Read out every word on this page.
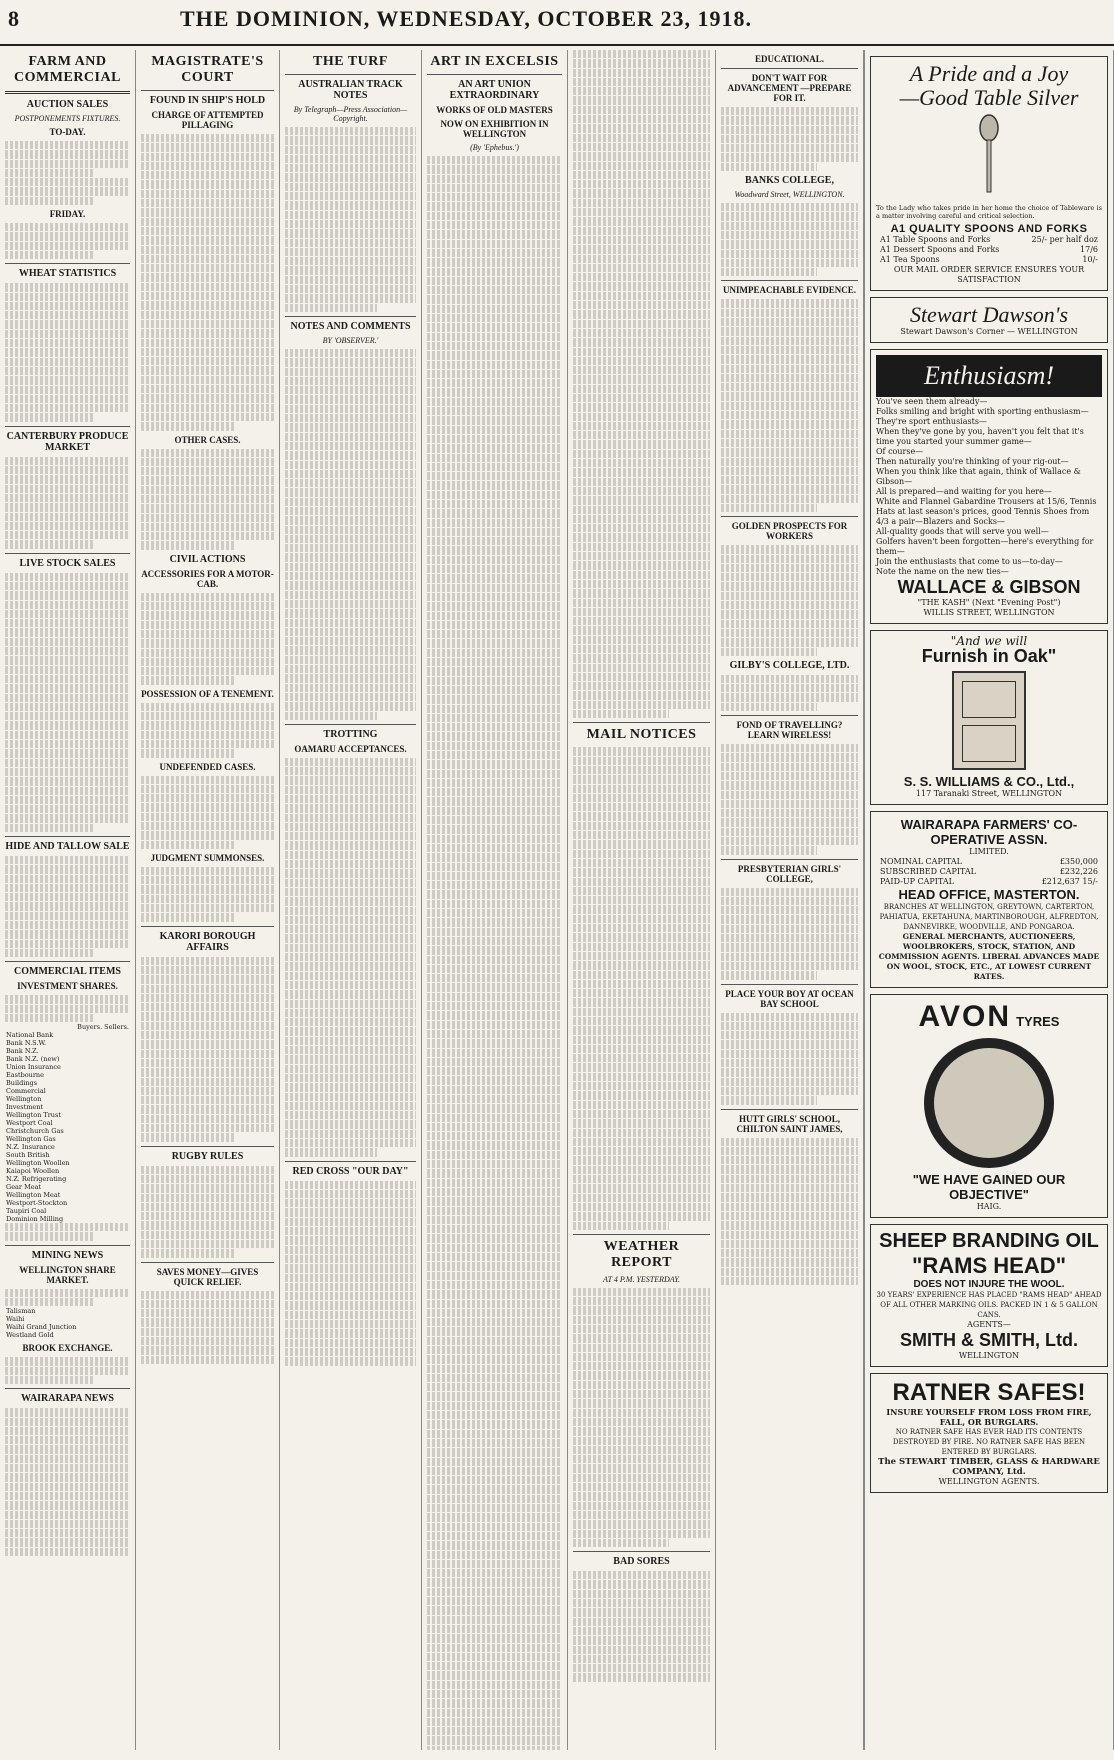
8	THE DOMINION, WEDNESDAY, OCTOBER 23, 1918.
FARM AND COMMERCIAL
AUCTION SALES
POSTPONEMENTS FIXTURES.
TO-DAY.
FRIDAY.
WHEAT STATISTICS
CANTERBURY PRODUCE MARKET
LIVE STOCK SALES
HIDE AND TALLOW SALE
COMMERCIAL ITEMS
INVESTMENT SHARES.
	Buyers.	Sellers.
National Bank		
Bank N.S.W.		
Bank N.Z.		
Bank N.Z. (new)		
Union Insurance		
Eastbourne Buildings		
Commercial		
Wellington Investment		
Wellington Trust		
Westport Coal		
Christchurch Gas		
Wellington Gas		
N.Z. Insurance		
South British		
Wellington Woollen		
Kaiapoi Woollen		
N.Z. Refrigerating		
Gear Meat		
Wellington Meat		
Westport-Stockton		
Taupiri Coal		
Dominion Milling		
MINING NEWS
WELLINGTON SHARE MARKET.
Talisman		
Waihi		
Waihi Grand Junction		
Westland Gold		
BROOK EXCHANGE.
WAIRARAPA NEWS
MAGISTRATE'S COURT
FOUND IN SHIP'S HOLD
CHARGE OF ATTEMPTED PILLAGING
OTHER CASES.
CIVIL ACTIONS
ACCESSORIES FOR A MOTOR-CAB.
POSSESSION OF A TENEMENT.
UNDEFENDED CASES.
JUDGMENT SUMMONSES.
KARORI BOROUGH AFFAIRS
RUGBY RULES
SAVES MONEY—GIVES QUICK RELIEF.
THE TURF
AUSTRALIAN TRACK NOTES
By Telegraph—Press Association—Copyright.
NOTES AND COMMENTS
BY 'OBSERVER.'
TROTTING
OAMARU ACCEPTANCES.
RED CROSS "OUR DAY"
ART IN EXCELSIS
AN ART UNION EXTRAORDINARY
WORKS OF OLD MASTERS
NOW ON EXHIBITION IN WELLINGTON
(By 'Ephebus.')
MAIL NOTICES
WEATHER REPORT
AT 4 P.M. YESTERDAY.
BAD SORES
EDUCATIONAL.
DON'T WAIT FOR ADVANCEMENT —PREPARE FOR IT.
BANKS COLLEGE,
Woodward Street, WELLINGTON.
UNIMPEACHABLE EVIDENCE.
GOLDEN PROSPECTS FOR WORKERS
GILBY'S COLLEGE, LTD.
FOND OF TRAVELLING? LEARN WIRELESS!
PRESBYTERIAN GIRLS' COLLEGE,
PLACE YOUR BOY AT OCEAN BAY SCHOOL
HUTT GIRLS' SCHOOL, CHILTON SAINT JAMES,
A Pride and a Joy
—Good Table Silver

To the Lady who takes pride in her home the choice of Tableware is a matter involving careful and critical selection.

A1 QUALITY SPOONS AND FORKS
A1 Table Spoons and Forks	25/- per half doz
A1 Dessert Spoons and Forks	17/6
A1 Tea Spoons	10/-
OUR MAIL ORDER SERVICE ENSURES YOUR SATISFACTION
Stewart Dawson's
Stewart Dawson's Corner — WELLINGTON
Enthusiasm!
You've seen them already—
Folks smiling and bright with sporting enthusiasm—
They're sport enthusiasts—
When they've gone by you, haven't you felt that it's time you started your summer game—
Of course—
Then naturally you're thinking of your rig-out—
When you think like that again, think of Wallace & Gibson—
All is prepared—and waiting for you here—
White and Flannel Gabardine Trousers at 15/6, Tennis Hats at last season's prices, good Tennis Shoes from 4/3 a pair—Blazers and Socks—
All-quality goods that will serve you well—
Golfers haven't been forgotten—here's everything for them—
Join the enthusiasts that come to us—to-day—
Note the name on the new ties—
WALLACE & GIBSON
"THE KASH" (Next "Evening Post")
WILLIS STREET, WELLINGTON
"And we will
Furnish in Oak"
S. S. WILLIAMS & CO., Ltd.,
117 Taranaki Street, WELLINGTON
WAIRARAPA FARMERS' CO-OPERATIVE ASSN.
LIMITED.
NOMINAL CAPITAL	£350,000
SUBSCRIBED CAPITAL	£232,226
PAID-UP CAPITAL	£212,637 15/-
HEAD OFFICE, MASTERTON.
BRANCHES AT WELLINGTON, GREYTOWN, CARTERTON, PAHIATUA, EKETAHUNA, MARTINBOROUGH, ALFREDTON, DANNEVIRKE, WOODVILLE, AND PONGAROA.
GENERAL MERCHANTS, AUCTIONEERS, WOOLBROKERS, STOCK, STATION, AND COMMISSION AGENTS. LIBERAL ADVANCES MADE ON WOOL, STOCK, ETC., AT LOWEST CURRENT RATES.
AVON TYRES
"WE HAVE GAINED OUR OBJECTIVE"
HAIG.
SHEEP BRANDING OIL
"RAMS HEAD"
DOES NOT INJURE THE WOOL.
30 YEARS' EXPERIENCE HAS PLACED "RAMS HEAD" AHEAD OF ALL OTHER MARKING OILS. PACKED IN 1 & 5 GALLON CANS.
AGENTS—
SMITH & SMITH, Ltd.
WELLINGTON
RATNER SAFES!
INSURE YOURSELF FROM LOSS FROM FIRE, FALL, OR BURGLARS.
NO RATNER SAFE HAS EVER HAD ITS CONTENTS DESTROYED BY FIRE. NO RATNER SAFE HAS BEEN ENTERED BY BURGLARS.
The STEWART TIMBER, GLASS & HARDWARE COMPANY, Ltd.
WELLINGTON AGENTS.
